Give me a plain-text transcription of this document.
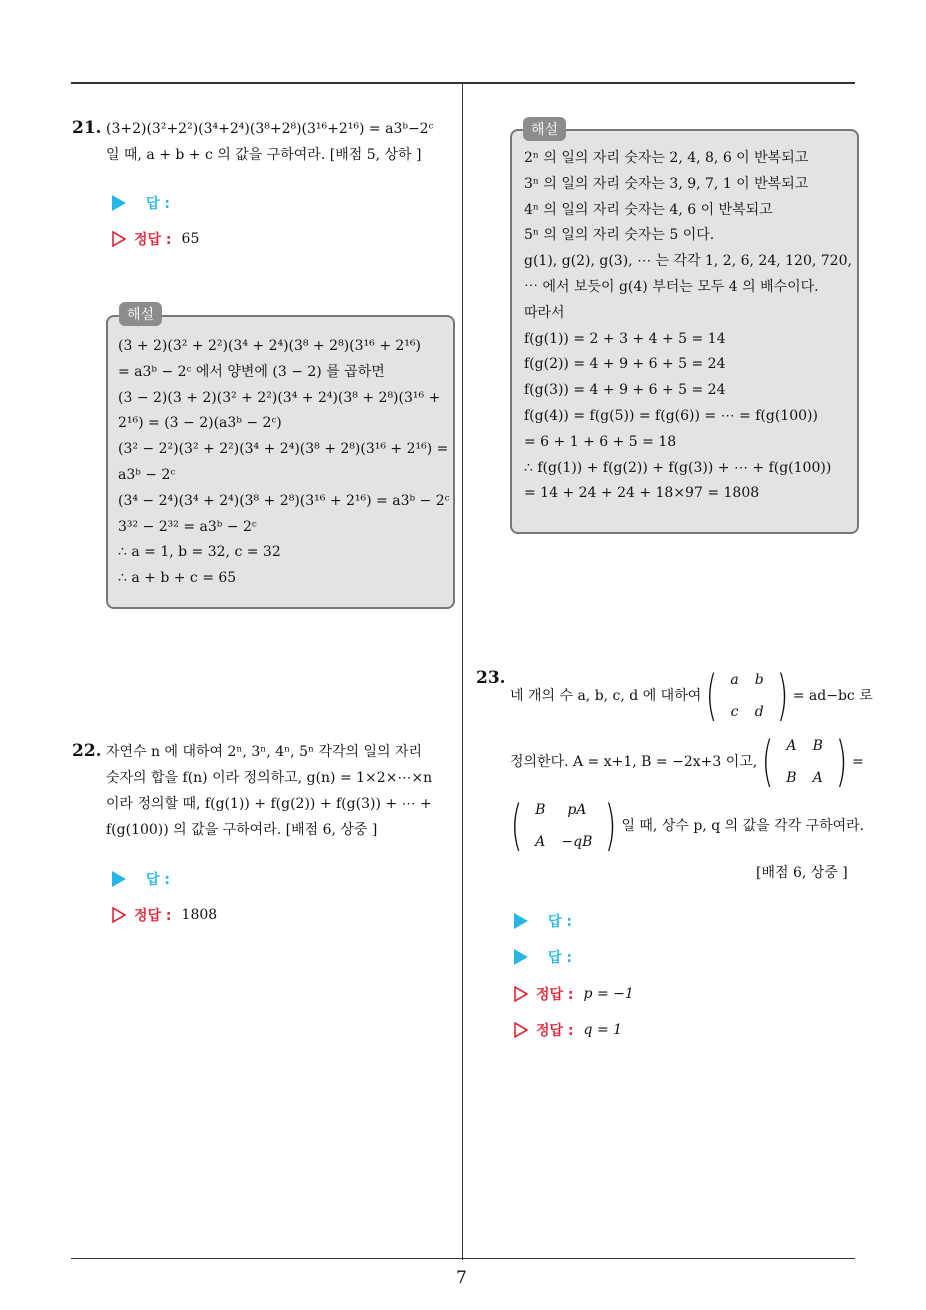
21. (3+2)(3²+2²)(3⁴+2⁴)(3⁸+2⁸)(3¹⁶+2¹⁶) = a3ᵇ−2ᶜ
일 때, a + b + c 의 값을 구하여라. [배점 5, 상하 ]
답 :
정답 : 65
(3 + 2)(3² + 2²)(3⁴ + 2⁴)(3⁸ + 2⁸)(3¹⁶ + 2¹⁶)
= a3ᵇ − 2ᶜ 에서 양변에 (3 − 2) 를 곱하면
(3 − 2)(3 + 2)(3² + 2²)(3⁴ + 2⁴)(3⁸ + 2⁸)(3¹⁶ +
2¹⁶) = (3 − 2)(a3ᵇ − 2ᶜ)
(3² − 2²)(3² + 2²)(3⁴ + 2⁴)(3⁸ + 2⁸)(3¹⁶ + 2¹⁶) =
a3ᵇ − 2ᶜ
(3⁴ − 2⁴)(3⁴ + 2⁴)(3⁸ + 2⁸)(3¹⁶ + 2¹⁶) = a3ᵇ − 2ᶜ
3³² − 2³² = a3ᵇ − 2ᶜ
∴ a = 1, b = 32, c = 32
∴ a + b + c = 65
해설
2ⁿ 의 일의 자리 숫자는 2, 4, 8, 6 이 반복되고
3ⁿ 의 일의 자리 숫자는 3, 9, 7, 1 이 반복되고
4ⁿ 의 일의 자리 숫자는 4, 6 이 반복되고
5ⁿ 의 일의 자리 숫자는 5 이다.
g(1), g(2), g(3), ⋯ 는 각각 1, 2, 6, 24, 120, 720,
⋯ 에서 보듯이 g(4) 부터는 모두 4 의 배수이다.
따라서
f(g(1)) = 2 + 3 + 4 + 5 = 14
f(g(2)) = 4 + 9 + 6 + 5 = 24
f(g(3)) = 4 + 9 + 6 + 5 = 24
f(g(4)) = f(g(5)) = f(g(6)) = ⋯ = f(g(100))
= 6 + 1 + 6 + 5 = 18
∴ f(g(1)) + f(g(2)) + f(g(3)) + ⋯ + f(g(100))
= 14 + 24 + 24 + 18×97 = 1808
해설
22. 자연수 n 에 대하여 2ⁿ, 3ⁿ, 4ⁿ, 5ⁿ 각각의 일의 자리
숫자의 합을 f(n) 이라 정의하고, g(n) = 1×2×⋯×n
이라 정의할 때, f(g(1)) + f(g(2)) + f(g(3)) + ⋯ +
f(g(100)) 의 값을 구하여라. [배점 6, 상중 ]
답 :
정답 : 1808
23.
네 개의 수 a, b, c, d 에 대하여 ( a	b
c	d ) = ad−bc 로
정의한다. A = x+1, B = −2x+3 이고, ( A	B
B	A ) =
( B	pA
A	−qB ) 일 때, 상수 p, q 의 값을 각각 구하여라.
[배점 6, 상중 ]
답 :
답 :
정답 : p = −1
정답 : q = 1
7
